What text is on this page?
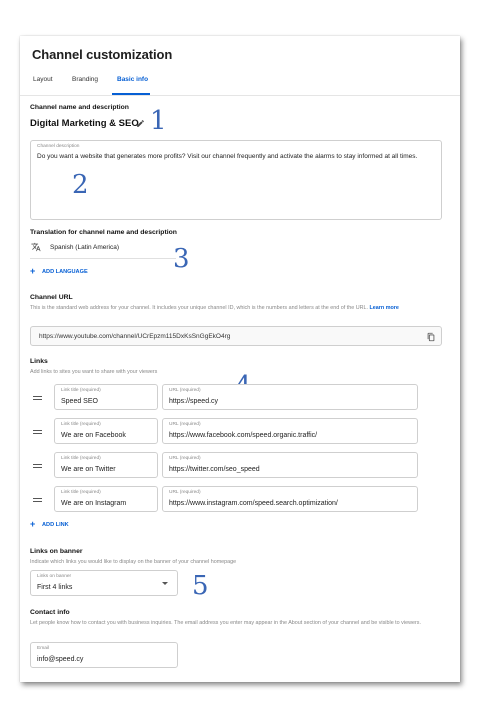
Channel customization
Layout	Branding	Basic info
Channel name and description
Digital Marketing & SEO 1
Channel description
Do you want a website that generates more profits? Visit our channel frequently and activate the alarms to stay informed at all times.
2
Translation for channel name and description
Spanish (Latin America)
+ ADD LANGUAGE	3
Channel URL
This is the standard web address for your channel. It includes your unique channel ID, which is the numbers and letters at the end of the URL. Learn more
https://www.youtube.com/channel/UCrEpzm115DxKsSnGgEkO4rg
Links
Add links to sites you want to share with your viewers
Link title (required)
Speed SEO
URL (required)
https://speed.cy
Link title (required)
We are on Facebook
URL (required)
https://www.facebook.com/speed.organic.traffic/
Link title (required)
We are on Twitter
URL (required)
https://twitter.com/seo_speed
Link title (required)
We are on Instagram
URL (required)
https://www.instagram.com/speed.search.optimization/
+ ADD LINK
Links on banner
Indicate which links you would like to display on the banner of your channel homepage
Links on banner
First 4 links	5
Contact info
Let people know how to contact you with business inquiries. The email address you enter may appear in the About section of your channel and be visible to viewers.
Email
info@speed.cy
